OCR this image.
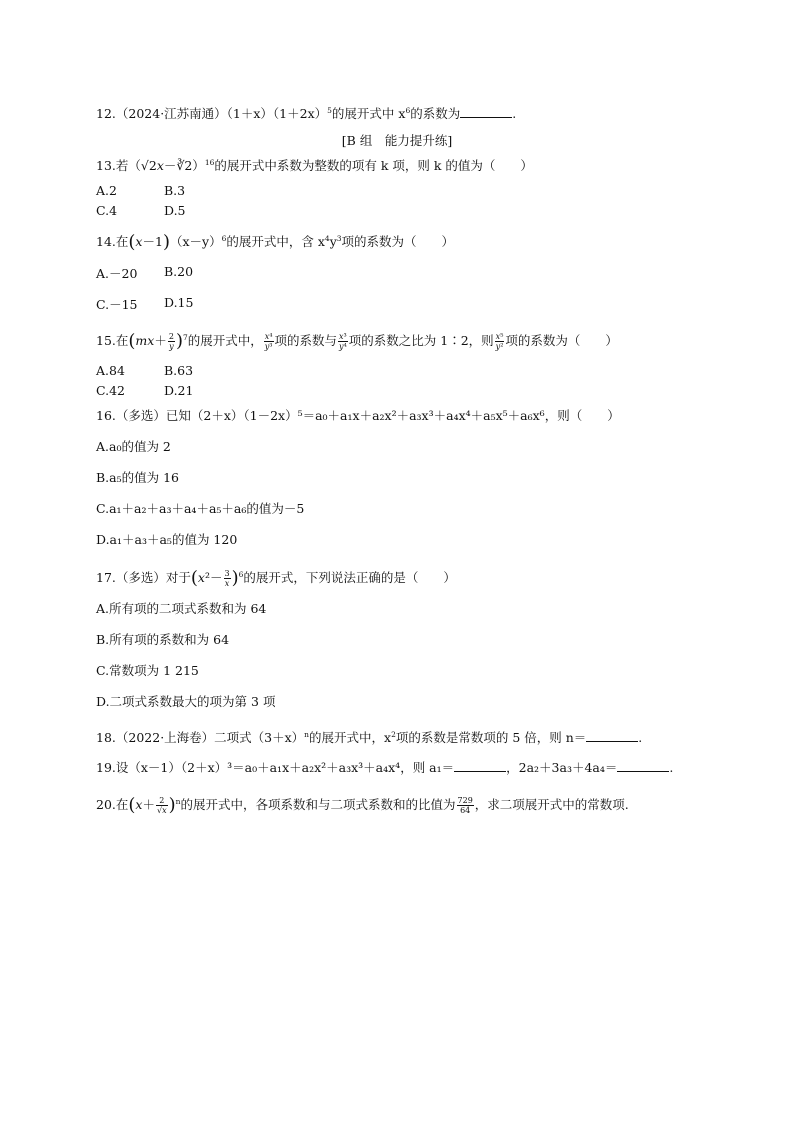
12.（2024·江苏南通）$(1+x)(1+2x)^5$的展开式中 $x^6$的系数为	.
[B 组　能力提升练]
13.若（√2x－∛2）$^{16}$的展开式中系数为整数的项有 k 项，则 k 的值为（　　）
A.2	B.3
C.4	D.5
14.在$(x-1)(x-y)^6$的展开式中，含 $x^4y^3$项的系数为（　　）
A.－20 B.20
C.－15 D.15
15.在$(mx+ \frac{2}{y} )^7$的展开式中， $\frac{\text{x⁴}}{\text{y³}}$ 项的系数与 $\frac{\text{x³}}{\text{y⁴}}$ 项的系数之比为 1∶2，则 $\frac{\text{x⁵}}{\text{y²}}$ 项的系数为（　　）
A.84	B.63
C.42	D.21
16.（多选）已知（2＋x）（1－2x）⁵＝a₀＋a₁x＋a₂x²＋a₃x³＋a₄x⁴＋a₅x⁵＋a₆x⁶，则（　　）
A.a₀的值为 2
B.a₅的值为 16
C.a₁＋a₂＋a₃＋a₄＋a₅＋a₆的值为－5
D.a₁＋a₃＋a₅的值为 120
17.（多选）对于$(x^2- \frac{3}{x} )^6$的展开式，下列说法正确的是（　　）
A.所有项的二项式系数和为 64
B.所有项的系数和为 64
C.常数项为 1 215
D.二项式系数最大的项为第 3 项
18.（2022·上海卷）二项式$(3+x)^n$的展开式中，$x^2$项的系数是常数项的 5 倍，则 n＝	.
19.设（x－1）（2＋x）³＝a₀＋a₁x＋a₂x²＋a₃x³＋a₄x⁴，则 a₁＝	，2a₂＋3a₃＋4a₄＝	.
20.在$(x+ \frac{2}{√x} )^n$的展开式中，各项系数和与二项式系数和的比值为 $\frac{729}{64}$ ，求二项展开式中的常数项.
